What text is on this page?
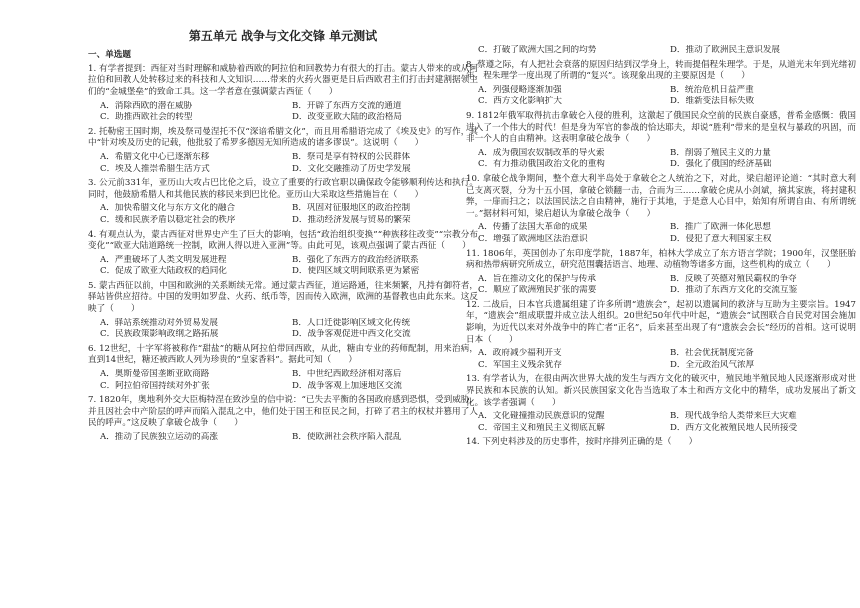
第五单元 战争与文化交锋 单元测试
一、单选题
1. 有学者提到：西征对当时理解和威胁着西欧的阿拉伯和回教势力有很大的打击。蒙古人带来的或从阿拉伯和回教人处转移过来的科技和人文知识……带来的火药火器更是日后西欧君主们打击封建割据领主们的“金城堡垒”的致命工具。这一学者意在强调蒙古西征（　　）
A．消除西欧的潜在威胁	B．开辟了东西方交流的通道
C．助推西欧社会的转型	D．改变亚欧大陆的政治格局
2. 托勒密王国时期，埃及祭司曼涅托不仅“深谙希腊文化”，而且用希腊语完成了《埃及史》的写作，其中“针对埃及历史的记载，他批驳了希罗多德因无知所造成的诸多谬误”。这说明（　　）
A．希腊文化中心已逐渐东移	B．祭司是享有特权的公民群体
C．埃及人推崇希腊生活方式	D．文化交融推动了历史学发展
3. 公元前331年，亚历山大攻占巴比伦之后，设立了重要的行政官职以确保政令能够顺利传达和执行。同时，他鼓励希腊人和其他民族的移民来到巴比伦。亚历山大采取这些措施旨在（　　）
A．加快希腊文化与东方文化的融合	B．巩固对征服地区的政治控制
C．缓和民族矛盾以稳定社会的秩序	D．推动经济发展与贸易的繁荣
4. 有观点认为，蒙古西征对世界史产生了巨大的影响，包括“政治组织变换”“种族移往改变”“宗教分布变化”“欧亚大陆道路统一控制，欧洲人得以进入亚洲”等。由此可见，该观点强调了蒙古西征（　　）
A．严重破坏了人类文明发展进程	B．强化了东西方的政治经济联系
C．促成了欧亚大陆政权的趋同化	D．使四区域文明间联系更为紧密
5. 蒙古西征以前，中国和欧洲的关系断续无常。通过蒙古西征，道运路通，往来频繁，凡持有御符者，驿站皆供应招待。中国的发明如罗盘、火药、纸币等，因而传入欧洲，欧洲的基督教也由此东来。这反映了（　　）
A．驿站系统推动对外贸易发展	B．人口迁徙影响区域文化传统
C．民族政策影响政纲之路拓展	D．战争客观促进中西文化交流
6. 12世纪，十字军将被称作“甜盐”的糖从阿拉伯带回西欧，从此，糖由专业的药师配制，用来治病，直到14世纪，糖还被西欧人列为珍贵的“皇家香料”。据此可知（　　）
A．奥斯曼帝国垄断亚欧商路	B．中世纪西欧经济相对落后
C．阿拉伯帝国持续对外扩张	D．战争客观上加速地区交流
7. 1820年，奥地利外交大臣梅特涅在致沙皇的信中说：“已失去平衡的各国政府感到恐惧，受到威胁，并且因社会中产阶层的呼声而陷入混乱之中，他们处于国王和臣民之间，打碎了君主的权杖并篡用了人民的呼声。”这反映了拿破仑战争（　　）
A．推动了民族独立运动的高涨	B．使欧洲社会秩序陷入混乱
C．打破了欧洲大国之间的均势	D．推动了欧洲民主意识发展
8. 蔡遵之际，有人把社会衰落的原因归结到汉学身上，转而提倡程朱理学。于是，从道光末年到光绪初年，程朱理学一度出现了所谓的“复兴”。该现象出现的主要原因是（　　）
A．列强侵略逐渐加强	B．统治危机日益严重
C．西方文化影响扩大	D．维新变法目标失败
9. 1812年俄军取得抗击拿破仑入侵的胜利，这激起了俄国民众空前的民族自豪感，普希金感慨：俄国进入了一个伟大的时代！但是身为军官的参战的恰达耶夫，却说“胜利”带来的是皇权与暴政的巩固，而非一个人的自由精神。这表明拿破仑战争（　　）
A．成为俄国农奴制改革的导火索	B．削弱了殖民主义的力量
C．有力推动俄国政治文化的重构	D．强化了俄国的经济基础
10. 拿破仑战争期间，整个意大利半岛处于拿破仑之人统治之下，对此，梁启超评论道：“其时意大利已支离灭裂，分为十五小国，拿破仑锁翻一击，合而为三……拿破仑虎从小剑斌，摘其家族，将封建积弊，一扉而扫之；以法国民法之自由精神，施行于其地，于是意人心目中，始知有所谓自由、有所谓统一。”据材料可知，梁启超认为拿破仑战争（　　）
A．传播了法国大革命的成果	B．推广了欧洲一体化思想
C．增强了欧洲地区法治意识	D．侵犯了意大利国家主权
11. 1806年，英国创办了东印度学院，1887年，柏林大学成立了东方语言学院；1900年，汉堡胚胎病和热带病研究所成立，研究范围囊括语言、地理、动植物等诸多方面，这些机构的成立（　　）
A．旨在推动文化的保护与传承	B．反映了英德对殖民霸权的争夺
C．顺应了欧洲殖民扩张的需要	D．推动了东西方文化的交流互鉴
12. 二战后，日本官兵遗属组建了许多所谓“遗族会”，起初以遗属间的救济与互助为主要宗旨。1947年，“遗族会”组成联盟并成立法人组织。20世纪50年代中叶起，“遗族会”试图联合自民党对国会施加影响，为近代以来对外战争中的阵亡者“正名”，后来甚至出现了有“遗族会会长”经历的首相。这可说明日本（　　）
A．政府减少福利开支	B．社会优抚制度完备
C．军国主义残余犹存	D．全元政治风气浓厚
13. 有学者认为，在很由两次世界大战的发生与西方文化的破灭中，殖民地半殖民地人民逐渐形成对世界民族和本民族的认知。新兴民族国家文化告当选取了本土和西方文化中的精华，成功发展出了新文化。该学者强调（　　）
A．文化碰撞推动民族意识的觉醒	B．现代战争给人类带来巨大灾难
C．帝国主义和殖民主义彻底瓦解	D．西方文化被殖民地人民所接受
14. 下列史料涉及的历史事件，按时序排列正确的是（　　）
